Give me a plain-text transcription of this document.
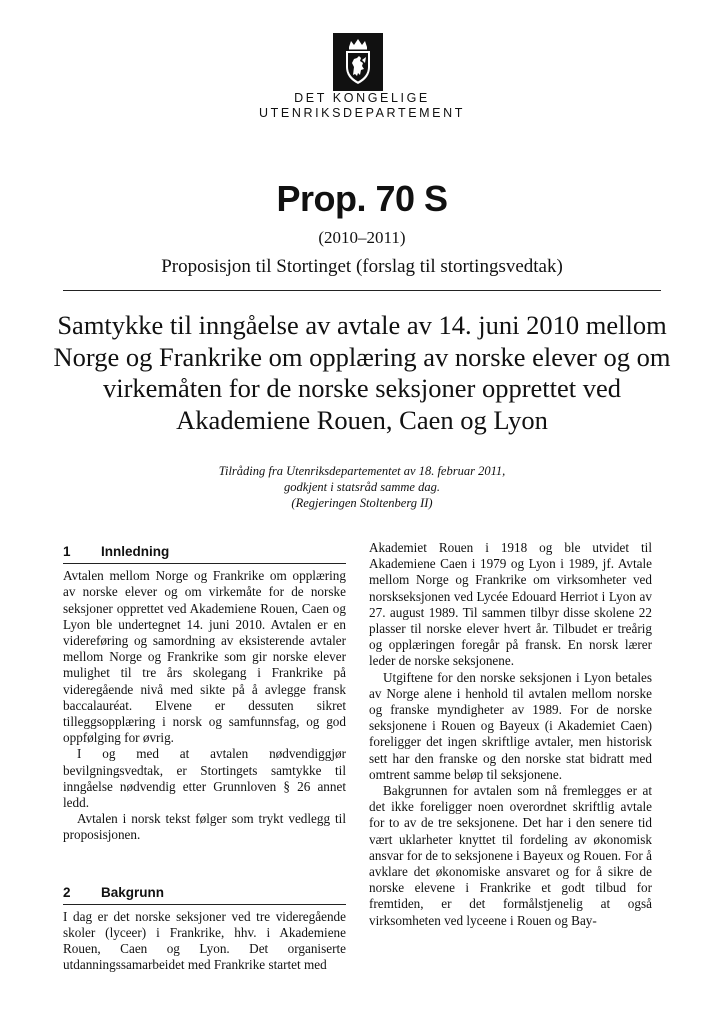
DET KONGELIGE
UTENRIKSDEPARTEMENT
Prop. 70 S
(2010–2011)
Proposisjon til Stortinget (forslag til stortingsvedtak)
Samtykke til inngåelse av avtale av 14. juni 2010 mellom Norge og Frankrike om opplæring av norske elever og om virkemåten for de norske seksjoner opprettet ved Akademiene Rouen, Caen og Lyon
Tilråding fra Utenriksdepartementet av 18. februar 2011,
godkjent i statsråd samme dag.
(Regjeringen Stoltenberg II)
1	Innledning

Avtalen mellom Norge og Frankrike om opplæring av norske elever og om virkemåte for de norske seksjoner opprettet ved Akademiene Rouen, Caen og Lyon ble undertegnet 14. juni 2010. Avtalen er en videreføring og samordning av eksisterende avtaler mellom Norge og Frankrike som gir norske elever mulighet til tre års skolegang i Frankrike på videregående nivå med sikte på å avlegge fransk baccalauréat. Elvene er dessuten sikret tilleggsopplæring i norsk og samfunnsfag, og god oppfølging for øvrig.

I og med at avtalen nødvendiggjør bevilgningsvedtak, er Stortingets samtykke til inngåelse nødvendig etter Grunnloven § 26 annet ledd.

Avtalen i norsk tekst følger som trykt vedlegg til proposisjonen.

2	Bakgrunn

I dag er det norske seksjoner ved tre videregående skoler (lyceer) i Frankrike, hhv. i Akademiene Rouen, Caen og Lyon. Det organiserte utdanningssamarbeidet med Frankrike startet med

Akademiet Rouen i 1918 og ble utvidet til Akademiene Caen i 1979 og Lyon i 1989, jf. Avtale mellom Norge og Frankrike om virksomheter ved norskseksjonen ved Lycée Edouard Herriot i Lyon av 27. august 1989. Til sammen tilbyr disse skolene 22 plasser til norske elever hvert år. Tilbudet er treårig og opplæringen foregår på fransk. En norsk lærer leder de norske seksjonene.

Utgiftene for den norske seksjonen i Lyon betales av Norge alene i henhold til avtalen mellom norske og franske myndigheter av 1989. For de norske seksjonene i Rouen og Bayeux (i Akademiet Caen) foreligger det ingen skriftlige avtaler, men historisk sett har den franske og den norske stat bidratt med omtrent samme beløp til seksjonene.

Bakgrunnen for avtalen som nå fremlegges er at det ikke foreligger noen overordnet skriftlig avtale for to av de tre seksjonene. Det har i den senere tid vært uklarheter knyttet til fordeling av økonomisk ansvar for de to seksjonene i Bayeux og Rouen. For å avklare det økonomiske ansvaret og for å sikre de norske elevene i Frankrike et godt tilbud for fremtiden, er det formålstjenelig at også virksomheten ved lyceene i Rouen og Bay-
